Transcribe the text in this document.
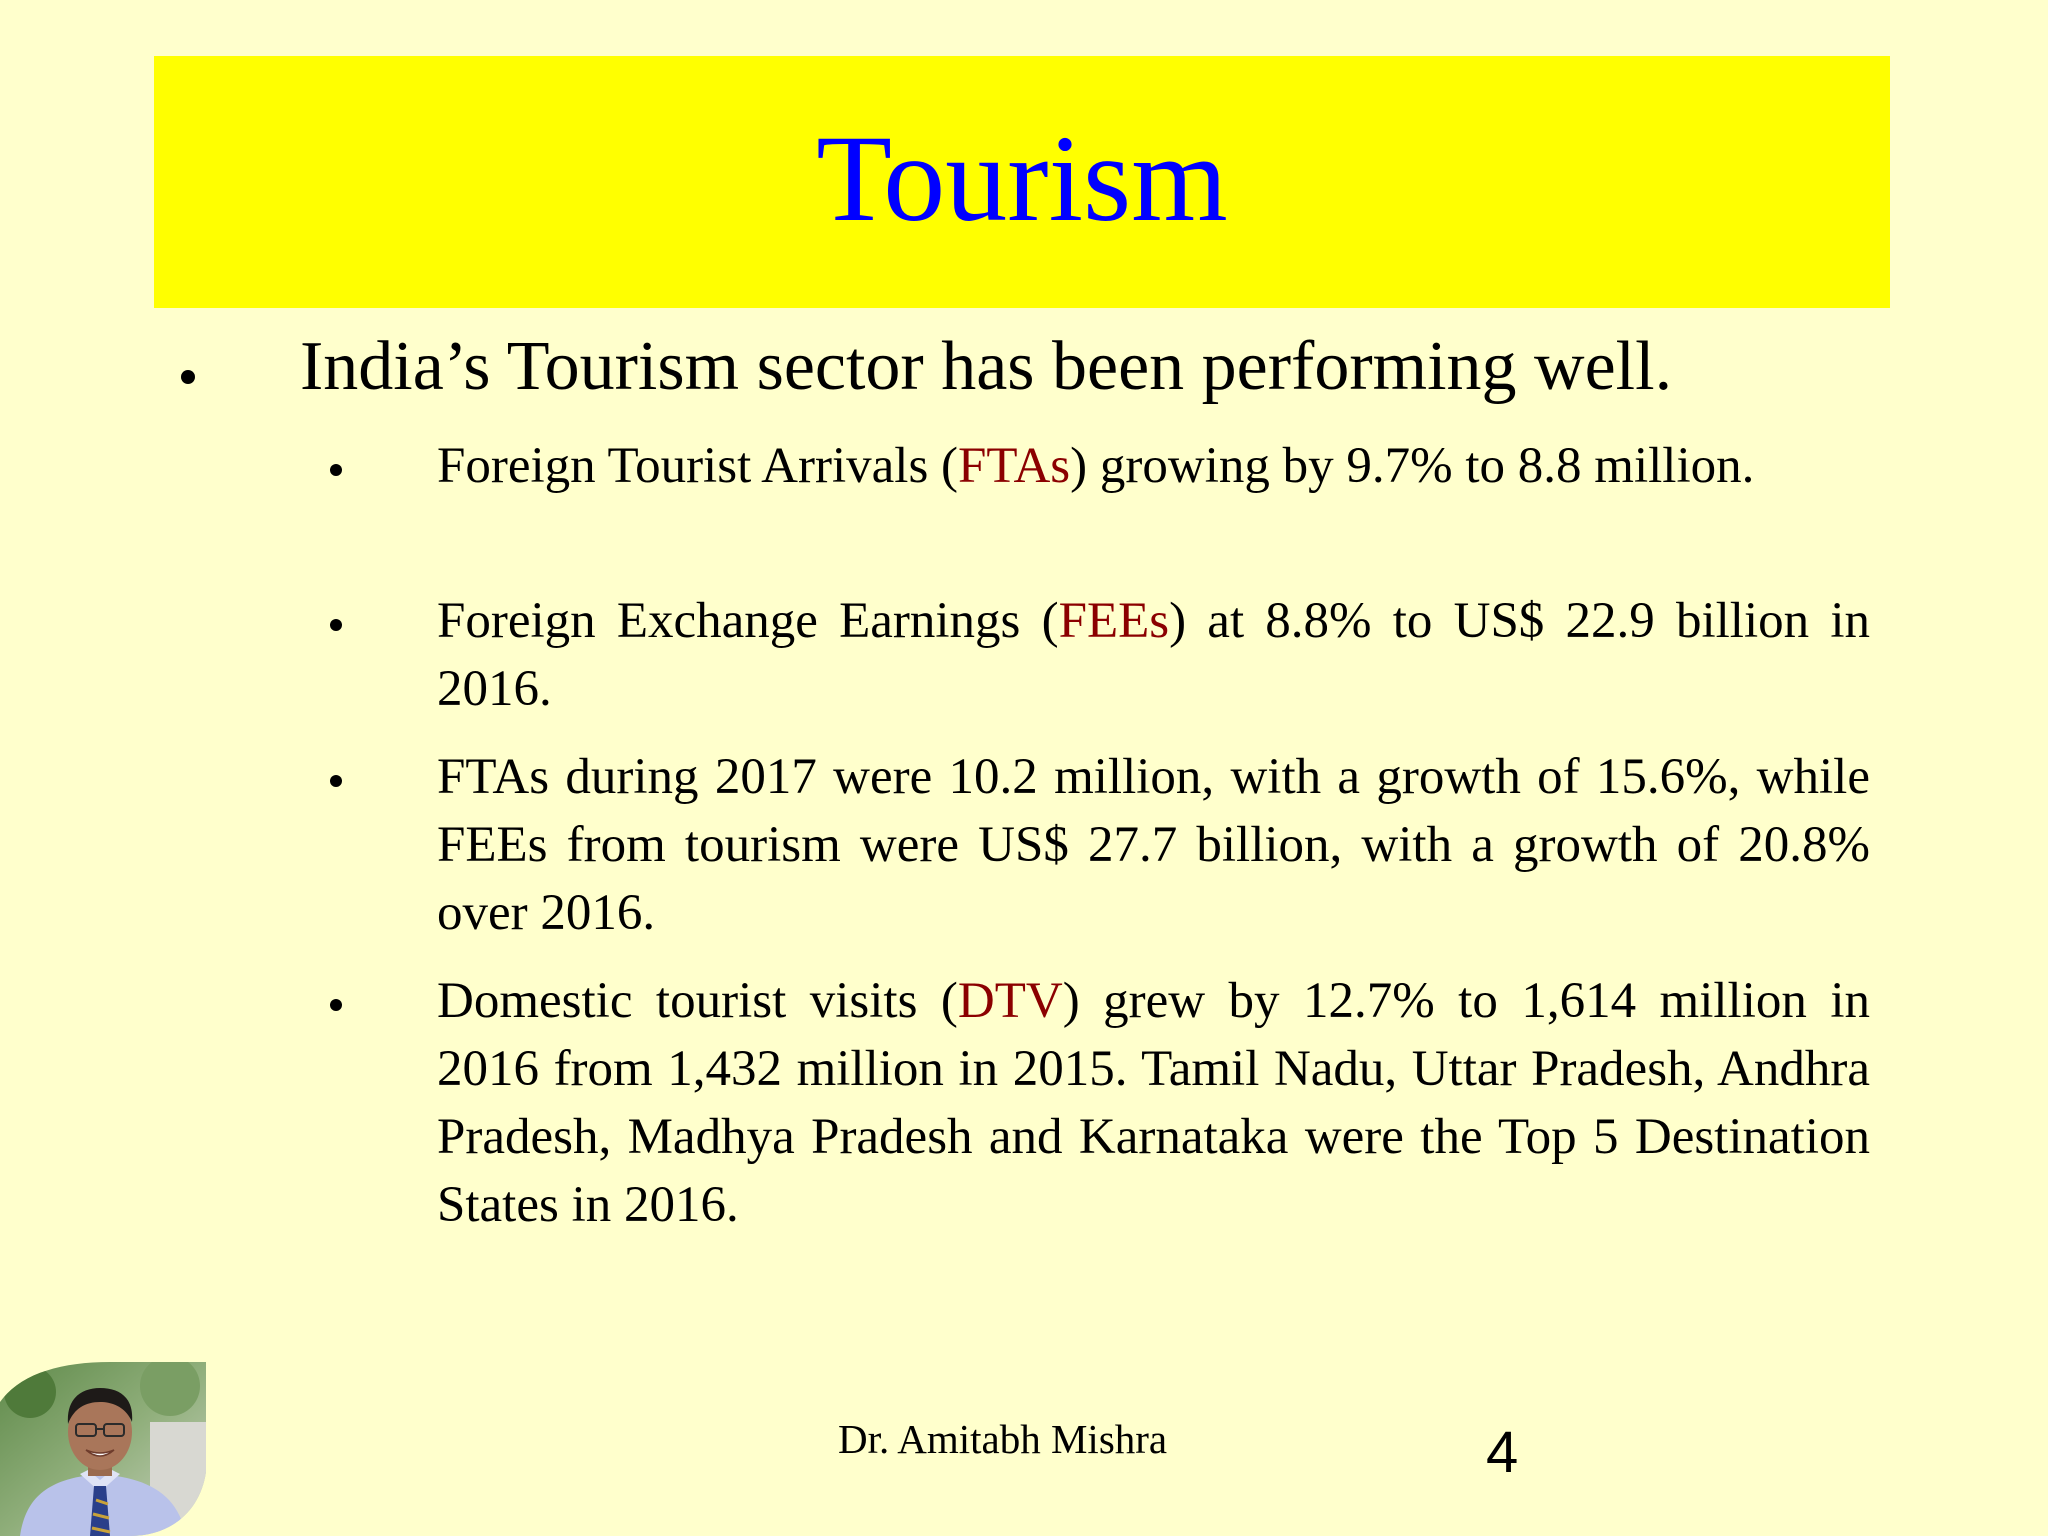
Tourism
India’s Tourism sector has been performing well.
Foreign Tourist Arrivals (FTAs) growing by 9.7% to 8.8 million.
Foreign Exchange Earnings (FEEs) at 8.8% to US$ 22.9 billion in 2016.
FTAs during 2017 were 10.2 million, with a growth of 15.6%, while FEEs from tourism were US$ 27.7 billion, with a growth of 20.8% over 2016.
Domestic tourist visits (DTV) grew by 12.7% to 1,614 million in 2016 from 1,432 million in 2015. Tamil Nadu, Uttar Pradesh, Andhra Pradesh, Madhya Pradesh and Karnataka were the Top 5 Destination States in 2016.
Dr. Amitabh Mishra	4
